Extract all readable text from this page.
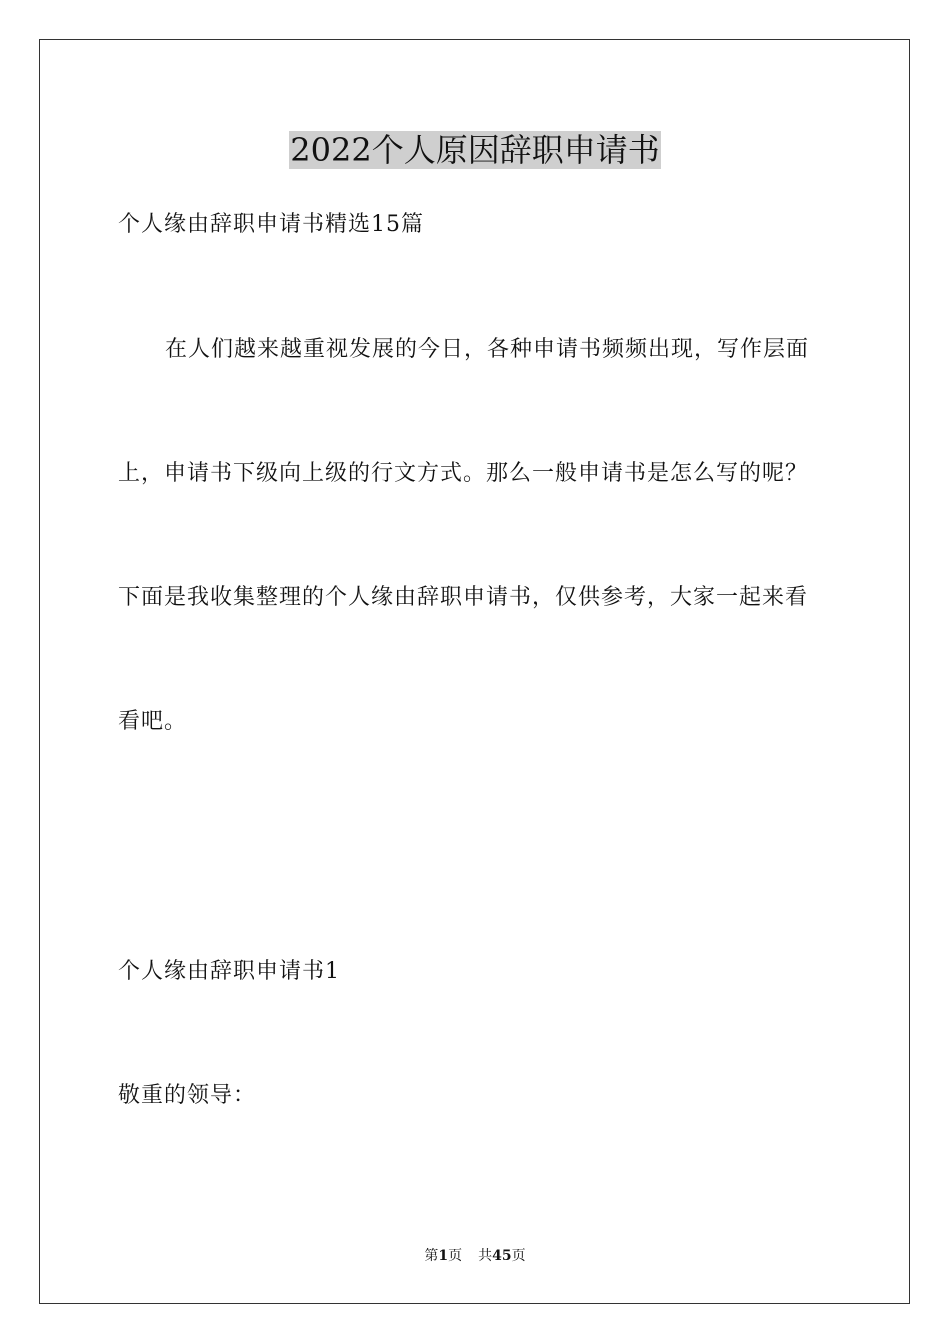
2022个人原因辞职申请书
个人缘由辞职申请书精选15篇
在人们越来越重视发展的今日，各种申请书频频出现，写作层面
上，申请书下级向上级的行文方式。那么一般申请书是怎么写的呢？
下面是我收集整理的个人缘由辞职申请书，仅供参考，大家一起来看
看吧。
个人缘由辞职申请书1
敬重的领导：
第1页 共45页
